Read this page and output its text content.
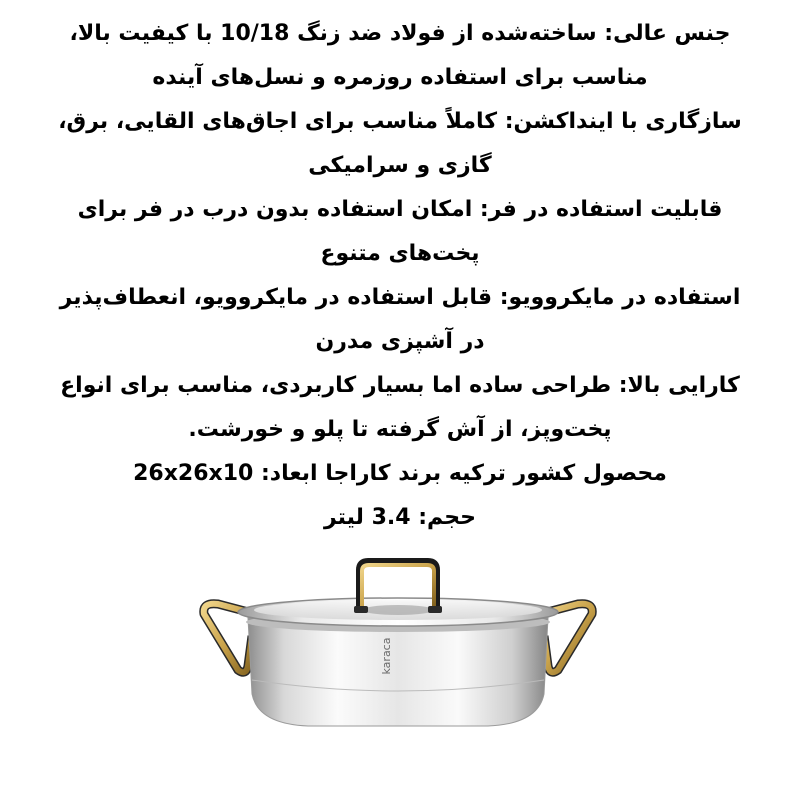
جنس عالی: ساخته‌شده از فولاد ضد زنگ 10/18 با کیفیت بالا،

مناسب برای استفاده روزمره و نسل‌های آینده

سازگاری با اینداکشن: کاملاً مناسب برای اجاق‌های القایی، برق،

گازی و سرامیکی

قابلیت استفاده در فر: امکان استفاده بدون درب در فر برای

پخت‌های متنوع

استفاده در مایکروویو: قابل استفاده در مایکروویو، انعطاف‌پذیر

در آشپزی مدرن

کارایی بالا: طراحی ساده اما بسیار کاربردی، مناسب برای انواع

پخت‌وپز، از آش گرفته تا پلو و خورشت.

محصول کشور ترکیه برند کاراجا ابعاد: 26x26x10

حجم: 3.4 لیتر

karaca
